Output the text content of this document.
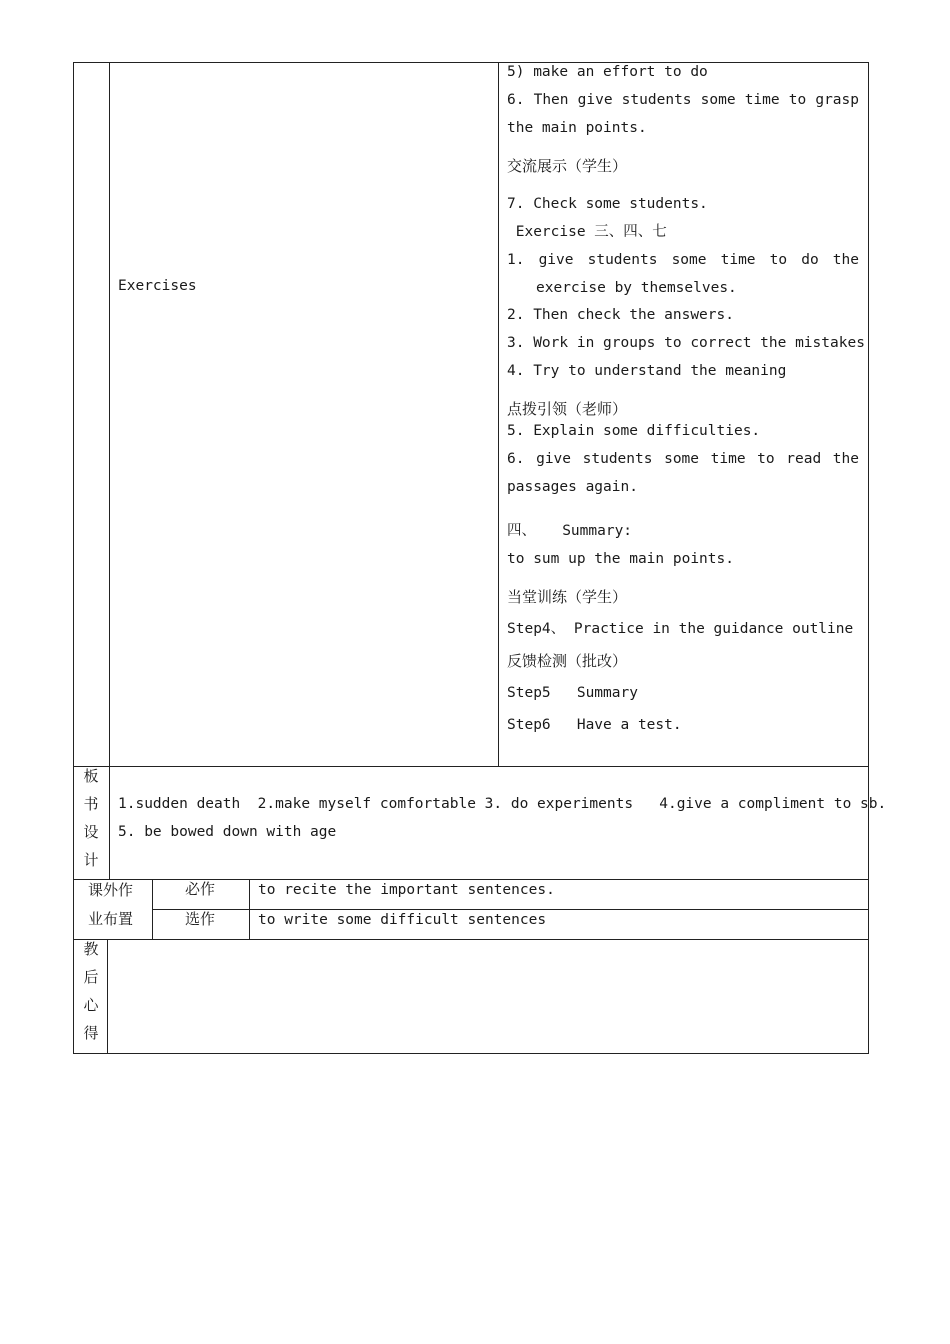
Exercises
5) make an effort to do
6. Then give students some time to grasp
the main points.
交流展示（学生）
7. Check some students.
Exercise 三、四、七
1. give students some time to do the
exercise by themselves.
2. Then check the answers.
3. Work in groups to correct the mistakes
4. Try to understand the meaning
点拨引领（老师）
5. Explain some difficulties.
6. give students some time to read the
passages again.
四、   Summary:
to sum up the main points.
当堂训练（学生）
Step4、 Practice in the guidance outline
反馈检测（批改）
Step5   Summary
Step6   Have a test.
板
书
设
计
1.sudden death  2.make myself comfortable 3. do experiments   4.give a compliment to sb.
5. be bowed down with age
课外作
业布置
必作	to recite the important sentences.
选作	to write some difficult sentences
教
后
心
得
